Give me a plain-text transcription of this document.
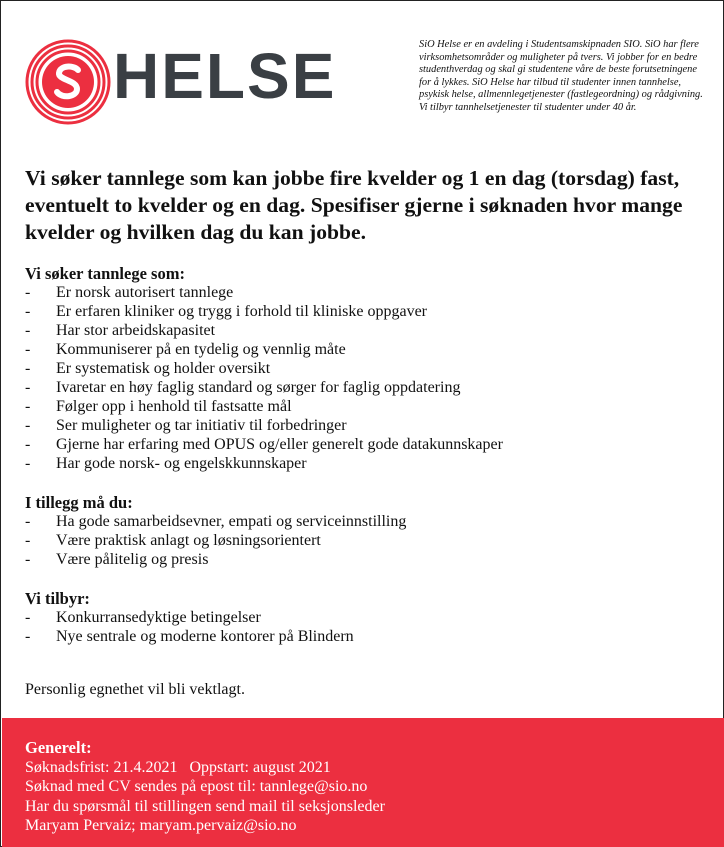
HELSE	SiO Helse er en avdeling i Studentsamskipnaden SIO. SiO har flere virksomhetsområder og muligheter på tvers. Vi jobber for en bedre studenthverdag og skal gi studentene våre de beste forutsetningene for å lykkes. SiO Helse har tilbud til studenter innen tannhelse, psykisk helse, allmennlegetjenester (fastlegeordning) og rådgivning. Vi tilbyr tannhelsetjenester til studenter under 40 år.
Vi søker tannlege som kan jobbe fire kvelder og 1 en dag (torsdag) fast, eventuelt to kvelder og en dag. Spesifiser gjerne i søknaden hvor mange kvelder og hvilken dag du kan jobbe.
Vi søker tannlege som:
- Er norsk autorisert tannlege
- Er erfaren kliniker og trygg i forhold til kliniske oppgaver
- Har stor arbeidskapasitet
- Kommuniserer på en tydelig og vennlig måte
- Er systematisk og holder oversikt
- Ivaretar en høy faglig standard og sørger for faglig oppdatering
- Følger opp i henhold til fastsatte mål
- Ser muligheter og tar initiativ til forbedringer
- Gjerne har erfaring med OPUS og/eller generelt gode datakunnskaper
- Har gode norsk- og engelskkunnskaper
I tillegg må du:
- Ha gode samarbeidsevner, empati og serviceinnstilling
- Være praktisk anlagt og løsningsorientert
- Være pålitelig og presis
Vi tilbyr:
- Konkurransedyktige betingelser
- Nye sentrale og moderne kontorer på Blindern
Personlig egnethet vil bli vektlagt.
Generelt:
Søknadsfrist: 21.4.2021   Oppstart: august 2021
Søknad med CV sendes på epost til: tannlege@sio.no
Har du spørsmål til stillingen send mail til seksjonsleder
Maryam Pervaiz; maryam.pervaiz@sio.no
